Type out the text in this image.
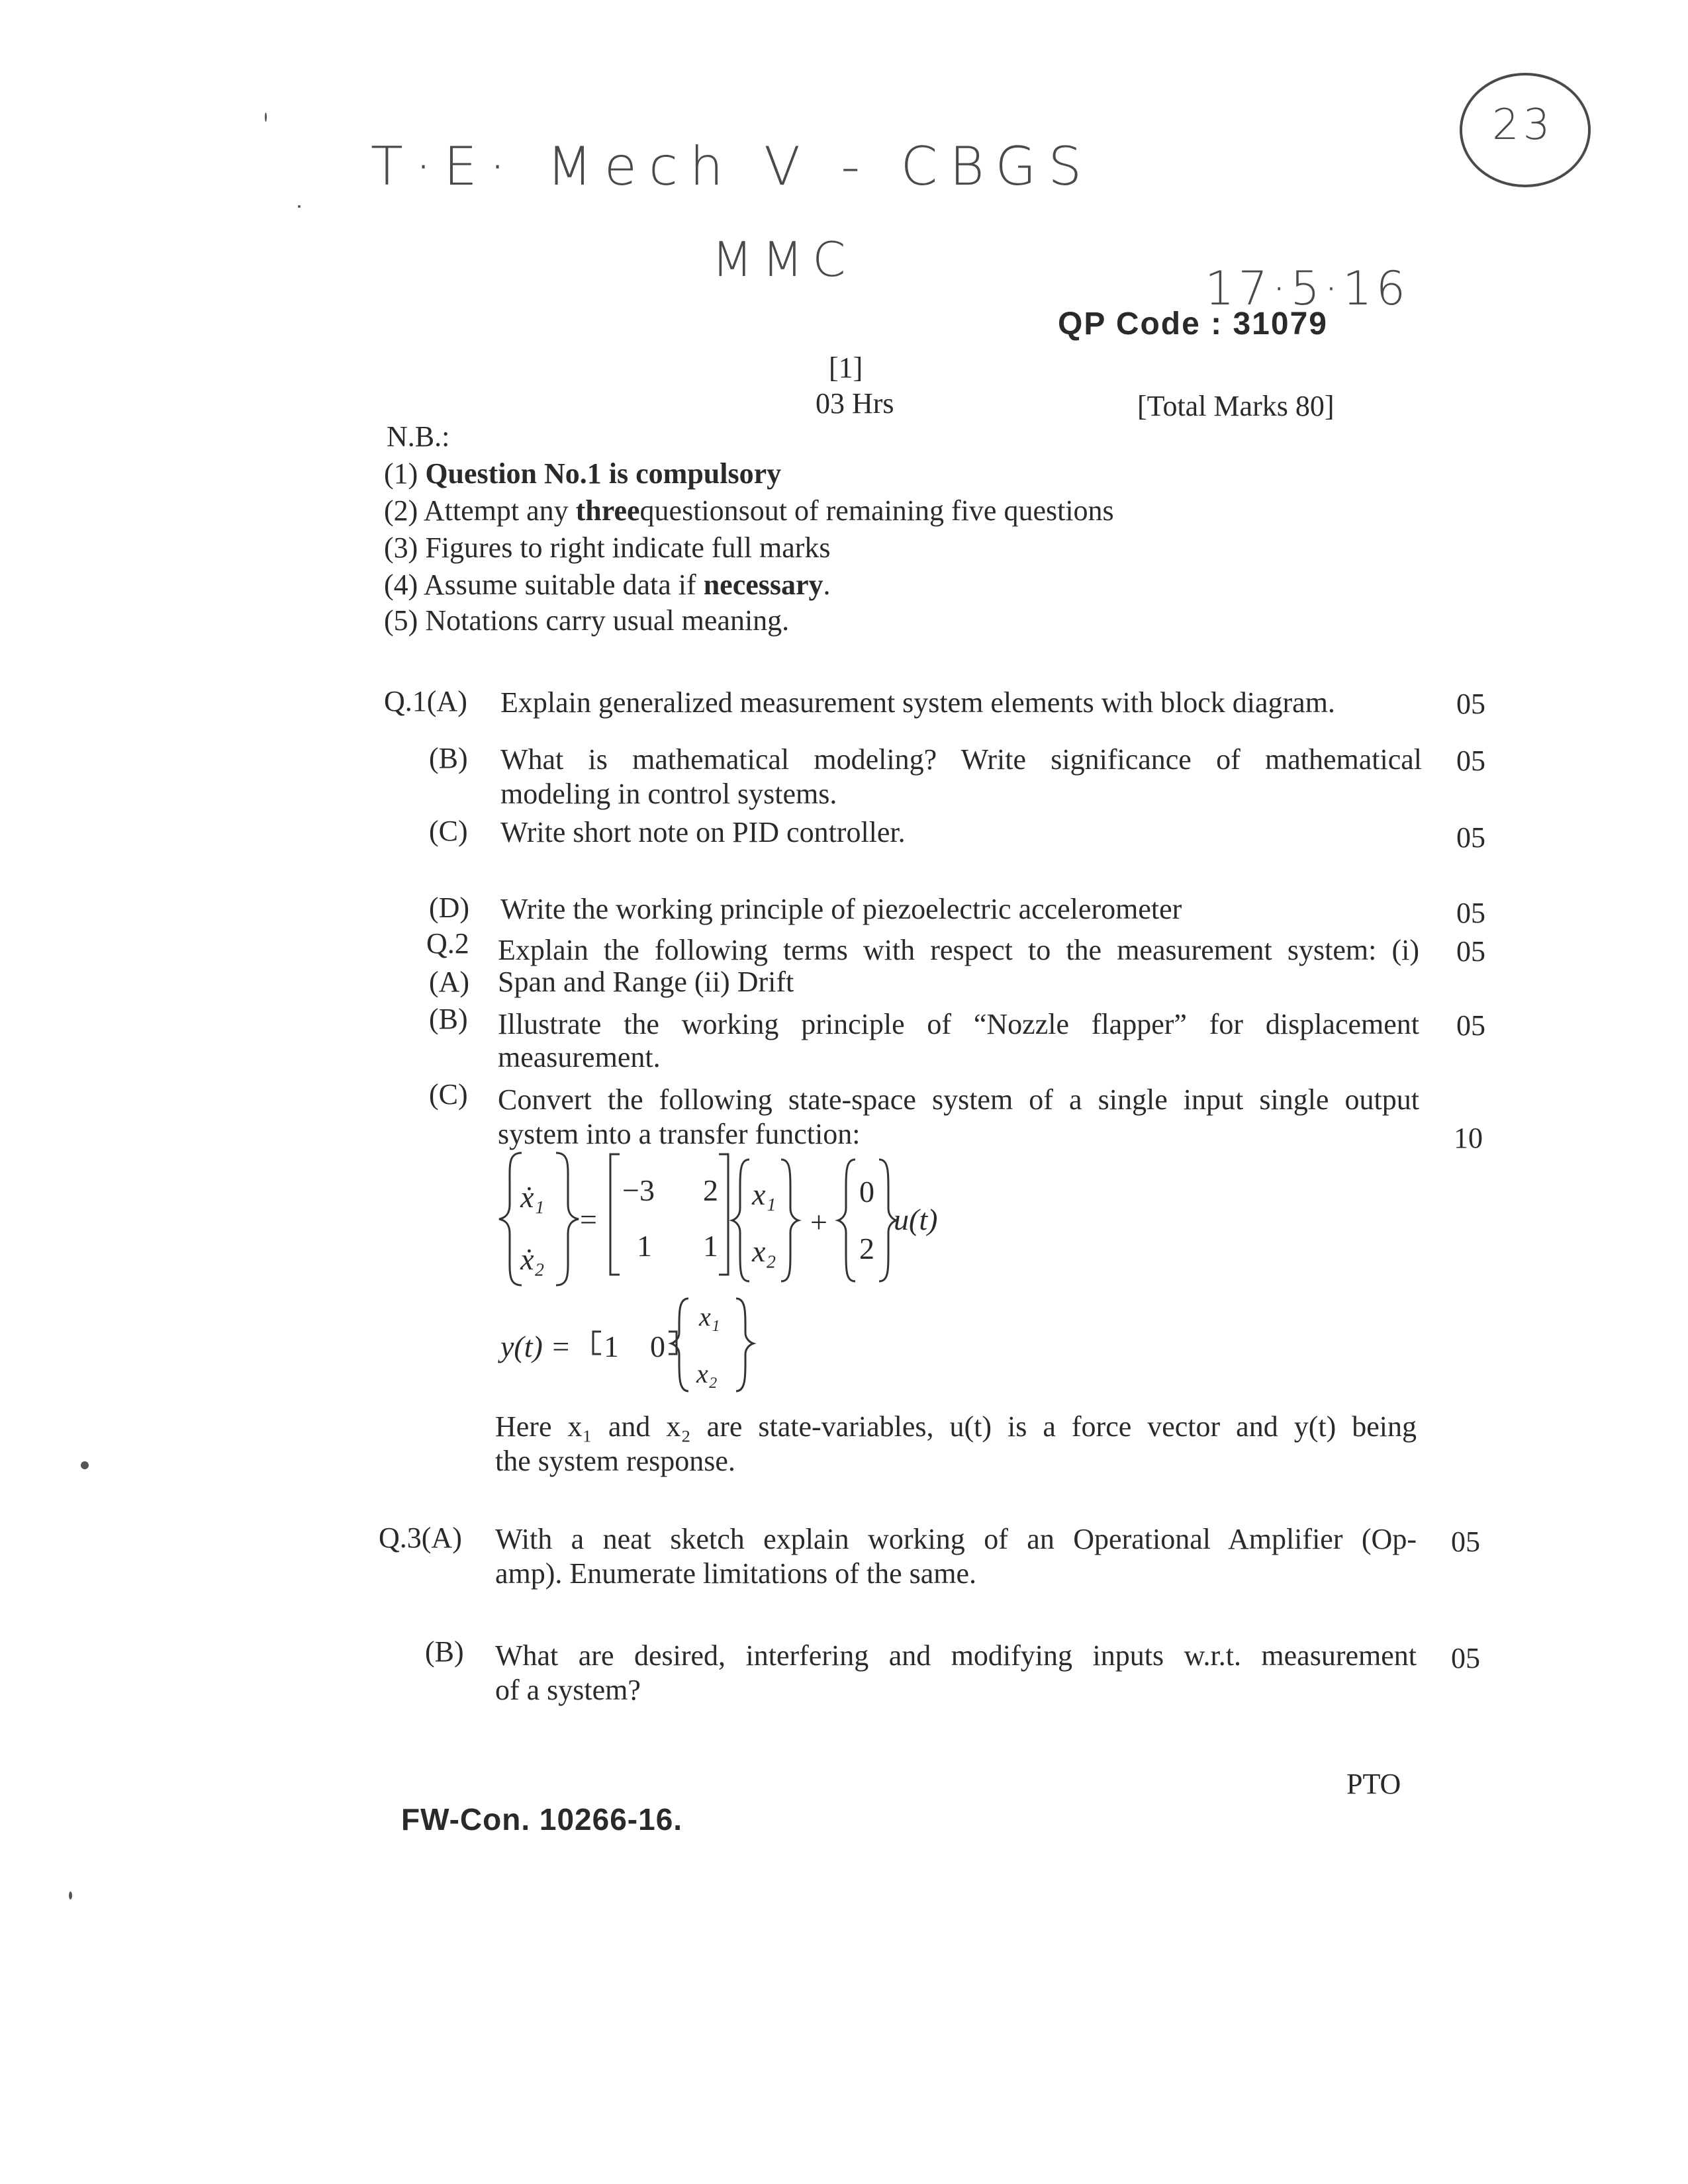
T·E· Mech V - CBGS
MMC
17·5·16
23
QP Code : 31079
[1]
03 Hrs	[Total Marks 80]
N.B.:
(1) Question No.1 is compulsory
(2) Attempt any threequestionsout of remaining five questions
(3) Figures to right indicate full marks
(4) Assume suitable data if necessary.
(5) Notations carry usual meaning.
Q.1(A) Explain generalized measurement system elements with block diagram.	05
(B) What is mathematical modeling? Write significance of mathematical
modeling in control systems.
05
(C) Write short note on PID controller.	05
(D) Write the working principle of piezoelectric accelerometer	05
Q.2 Explain the following terms with respect to the measurement system: (i)	05
(A) Span and Range (ii) Drift
(B) Illustrate the working principle of “Nozzle flapper” for displacement
measurement.
05
(C) Convert the following state-space system of a single input single output
system into a transfer function:	10
ẋ₁
ẋ₂
=
−3 2
1 1
x₁
x₂
+
0
2
u(t)
y(t) = 1 0
x₁
x₂
Here x₁ and x₂ are state-variables, u(t) is a force vector and y(t) being
the system response.
Q.3(A) With a neat sketch explain working of an Operational Amplifier (Op-
amp). Enumerate limitations of the same.
05
(B) What are desired, interfering and modifying inputs w.r.t. measurement
of a system?
05
PTO
FW-Con. 10266-16.
